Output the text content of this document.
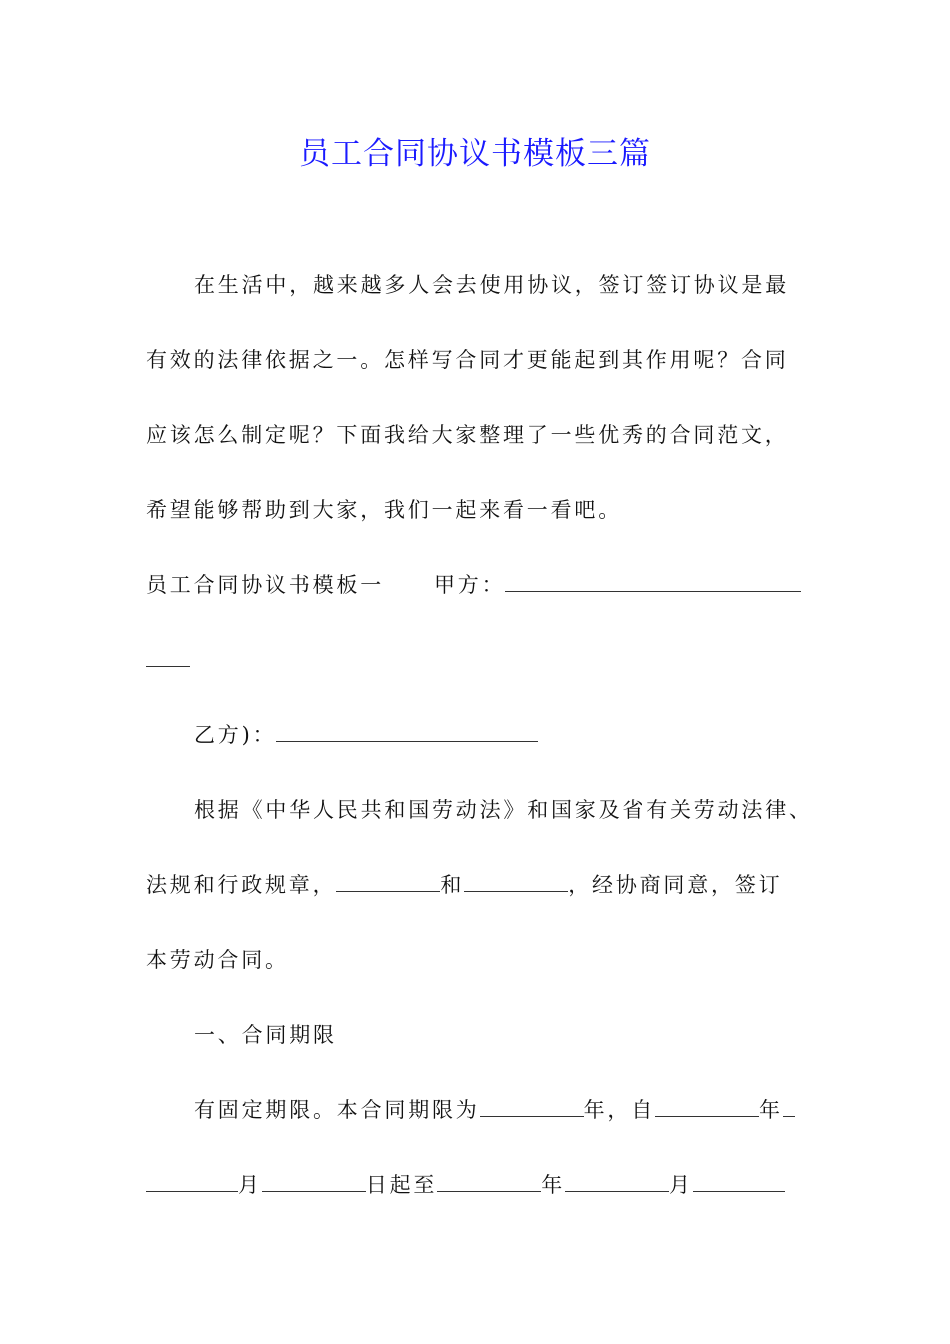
员工合同协议书模板三篇
在生活中，越来越多人会去使用协议，签订签订协议是最
有效的法律依据之一。怎样写合同才更能起到其作用呢？合同
应该怎么制定呢？下面我给大家整理了一些优秀的合同范文，
希望能够帮助到大家，我们一起来看一看吧。
员工合同协议书模板一 甲方：
乙方)：
根据《中华人民共和国劳动法》和国家及省有关劳动法律、
法规和行政规章，	和	，经协商同意，签订
本劳动合同。
一、合同期限
有固定期限。本合同期限为	年，自	年
月	日起至	年	月
